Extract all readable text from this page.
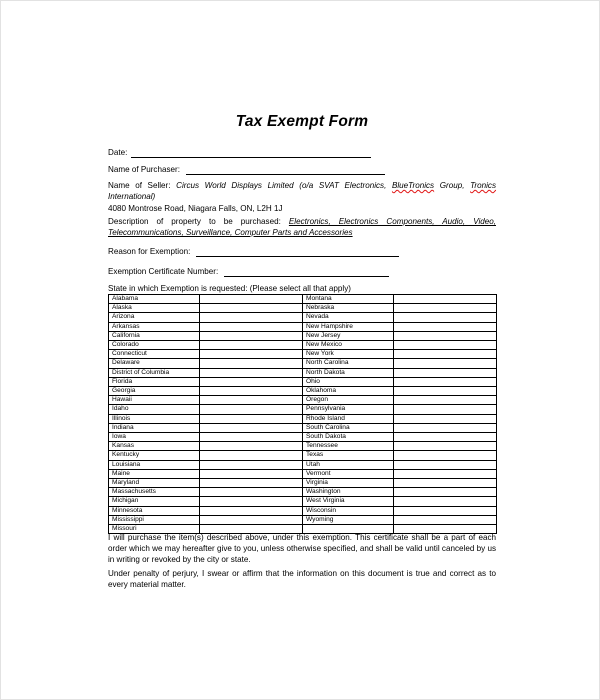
Tax Exempt Form
Date:
Name of Purchaser:
Name of Seller: Circus World Displays Limited (o/a SVAT Electronics, BlueTronics Group, Tronics International)
4080 Montrose Road, Niagara Falls, ON, L2H 1J
Description of property to be purchased: Electronics, Electronics Components, Audio, Video, Telecommunications, Surveillance, Computer Parts and Accessories
Reason for Exemption:
Exemption Certificate Number:
State in which Exemption is requested: (Please select all that apply)
Alabama		Montana	
Alaska		Nebraska	
Arizona		Nevada	
Arkansas		New Hampshire	
California		New Jersey	
Colorado		New Mexico	
Connecticut		New York	
Delaware		North Carolina	
District of Columbia		North Dakota	
Florida		Ohio	
Georgia		Oklahoma	
Hawaii		Oregon	
Idaho		Pennsylvania	
Illinois		Rhode Island	
Indiana		South Carolina	
Iowa		South Dakota	
Kansas		Tennessee	
Kentucky		Texas	
Louisiana		Utah	
Maine		Vermont	
Maryland		Virginia	
Massachusetts		Washington	
Michigan		West Virginia	
Minnesota		Wisconsin	
Mississippi		Wyoming	
Missouri			
I will purchase the item(s) described above, under this exemption. This certificate shall be a part of each order which we may hereafter give to you, unless otherwise specified, and shall be valid until canceled by us in writing or revoked by the city or state.
Under penalty of perjury, I swear or affirm that the information on this document is true and correct as to every material matter.
